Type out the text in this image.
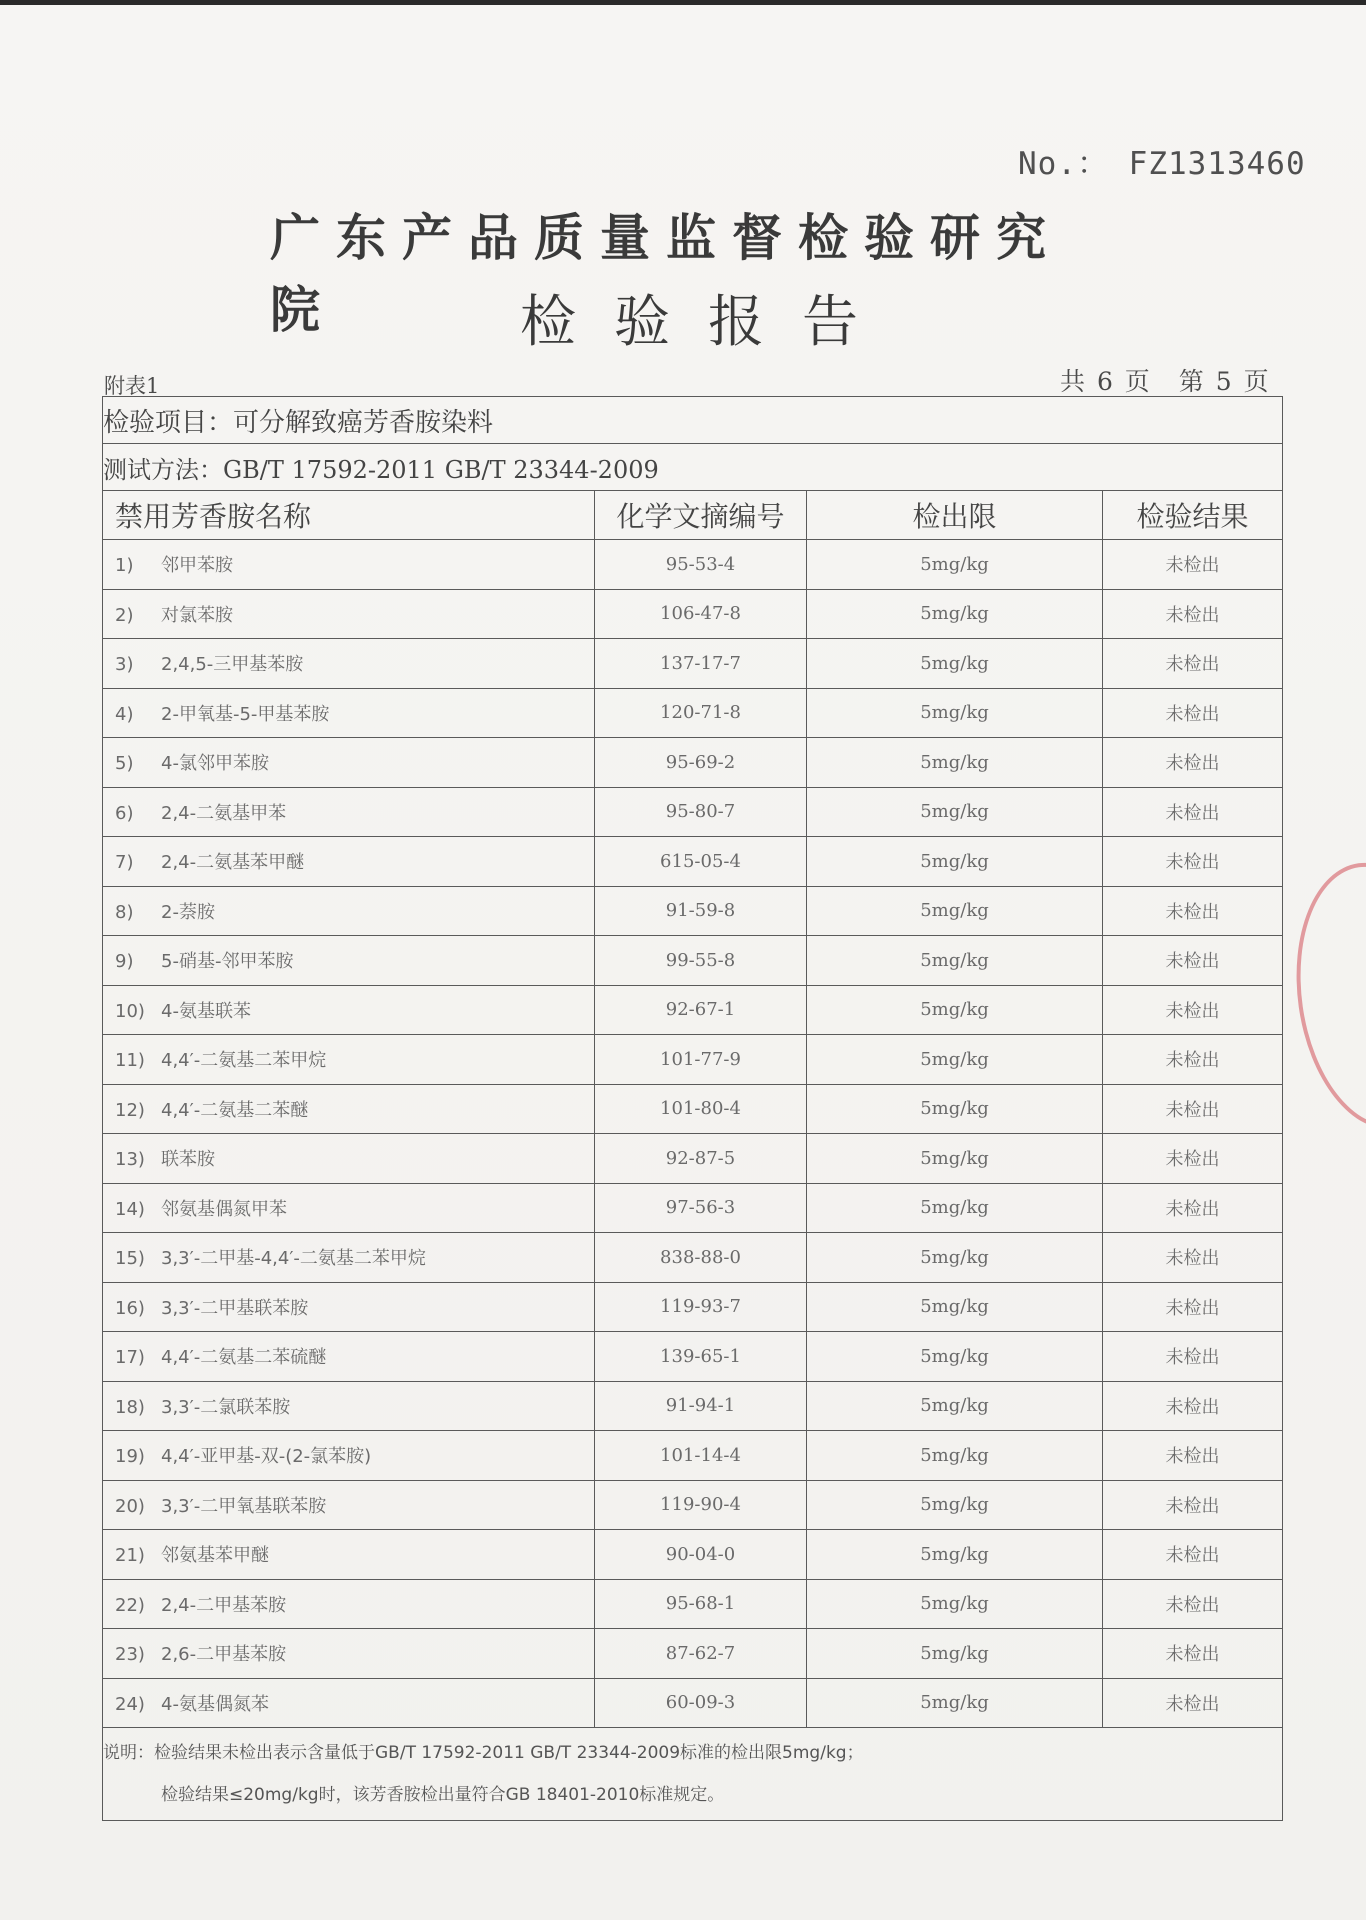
No.： FZ1313460
广东产品质量监督检验研究院	检验报告
附表1	共 6 页　第 5 页
检验项目：可分解致癌芳香胺染料			
测试方法：GB/T 17592-2011 GB/T 23344-2009			
禁用芳香胺名称	化学文摘编号	检出限	检验结果
1) 邻甲苯胺	95-53-4	5mg/kg	未检出
2) 对氯苯胺	106-47-8	5mg/kg	未检出
3) 2,4,5-三甲基苯胺	137-17-7	5mg/kg	未检出
4) 2-甲氧基-5-甲基苯胺	120-71-8	5mg/kg	未检出
5) 4-氯邻甲苯胺	95-69-2	5mg/kg	未检出
6) 2,4-二氨基甲苯	95-80-7	5mg/kg	未检出
7) 2,4-二氨基苯甲醚	615-05-4	5mg/kg	未检出
8) 2-萘胺	91-59-8	5mg/kg	未检出
9) 5-硝基-邻甲苯胺	99-55-8	5mg/kg	未检出
10) 4-氨基联苯	92-67-1	5mg/kg	未检出
11) 4,4′-二氨基二苯甲烷	101-77-9	5mg/kg	未检出
12) 4,4′-二氨基二苯醚	101-80-4	5mg/kg	未检出
13) 联苯胺	92-87-5	5mg/kg	未检出
14) 邻氨基偶氮甲苯	97-56-3	5mg/kg	未检出
15) 3,3′-二甲基-4,4′-二氨基二苯甲烷	838-88-0	5mg/kg	未检出
16) 3,3′-二甲基联苯胺	119-93-7	5mg/kg	未检出
17) 4,4′-二氨基二苯硫醚	139-65-1	5mg/kg	未检出
18) 3,3′-二氯联苯胺	91-94-1	5mg/kg	未检出
19) 4,4′-亚甲基-双-(2-氯苯胺)	101-14-4	5mg/kg	未检出
20) 3,3′-二甲氧基联苯胺	119-90-4	5mg/kg	未检出
21) 邻氨基苯甲醚	90-04-0	5mg/kg	未检出
22) 2,4-二甲基苯胺	95-68-1	5mg/kg	未检出
23) 2,6-二甲基苯胺	87-62-7	5mg/kg	未检出
24) 4-氨基偶氮苯	60-09-3	5mg/kg	未检出

说明：检验结果未检出表示含量低于GB/T 17592-2011 GB/T 23344-2009标准的检出限5mg/kg；
检验结果≤20mg/kg时，该芳香胺检出量符合GB 18401-2010标准规定。			
